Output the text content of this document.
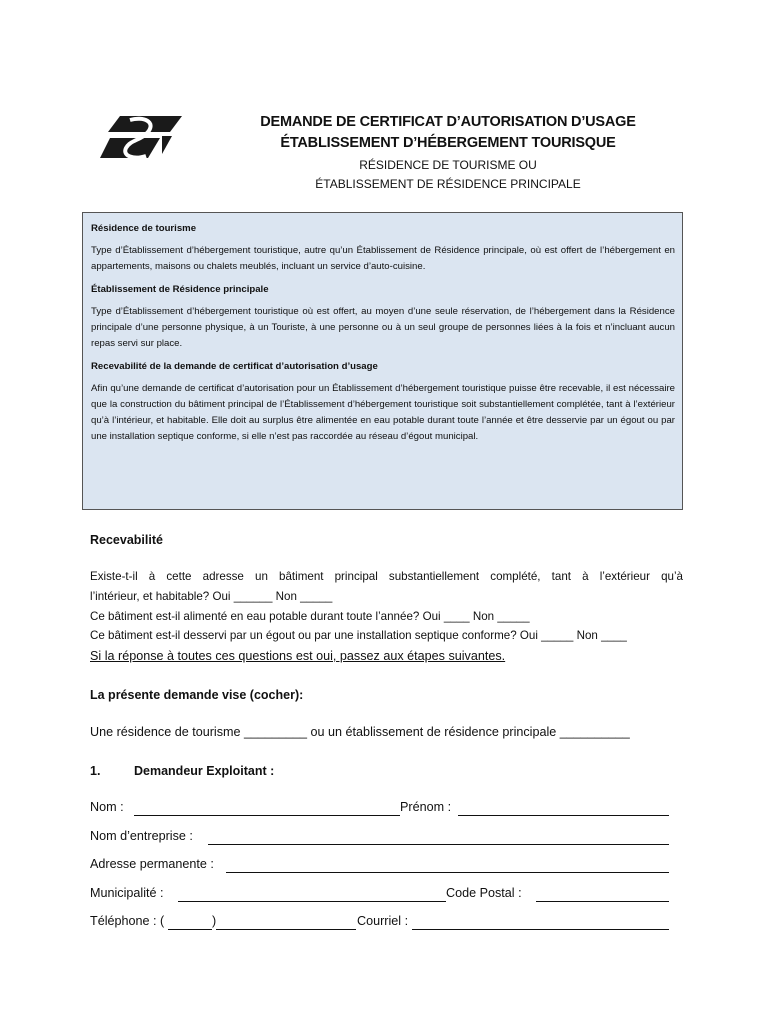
DEMANDE DE CERTIFICAT D’AUTORISATION D’USAGE
ÉTABLISSEMENT D’HÉBERGEMENT TOURISQUE
RÉSIDENCE DE TOURISME OU
ÉTABLISSEMENT DE RÉSIDENCE PRINCIPALE
Résidence de tourisme
Type d’Établissement d’hébergement touristique, autre qu’un Établissement de Résidence principale, où est offert de l’hébergement en appartements, maisons ou chalets meublés, incluant un service d’auto-cuisine.
Établissement de Résidence principale
Type d’Établissement d’hébergement touristique où est offert, au moyen d’une seule réservation, de l’hébergement dans la Résidence principale d’une personne physique, à un Touriste, à une personne ou à un seul groupe de personnes liées à la fois et n’incluant aucun repas servi sur place.
Recevabilité de la demande de certificat d’autorisation d’usage
Afin qu’une demande de certificat d’autorisation pour un Établissement d’hébergement touristique puisse être recevable, il est nécessaire que la construction du bâtiment principal de l’Établissement d’hébergement touristique soit substantiellement complétée, tant à l’extérieur qu’à l’intérieur, et habitable. Elle doit au surplus être alimentée en eau potable durant toute l’année et être desservie par un égout ou par une installation septique conforme, si elle n’est pas raccordée au réseau d’égout municipal.
Recevabilité
Existe-t-il à cette adresse un bâtiment principal substantiellement complété, tant à l’extérieur qu’à
l’intérieur, et habitable? Oui ______ Non _____
Ce bâtiment est-il alimenté en eau potable durant toute l’année? Oui ____ Non _____
Ce bâtiment est-il desservi par un égout ou par une installation septique conforme? Oui _____ Non ____
Si la réponse à toutes ces questions est oui, passez aux étapes suivantes.
La présente demande vise (cocher):
Une résidence de tourisme _________ ou un établissement de résidence principale __________
1.	Demandeur Exploitant :
Nom :	Prénom :
Nom d’entreprise :
Adresse permanente :
Municipalité :	Code Postal :
Téléphone : (	)	Courriel :
